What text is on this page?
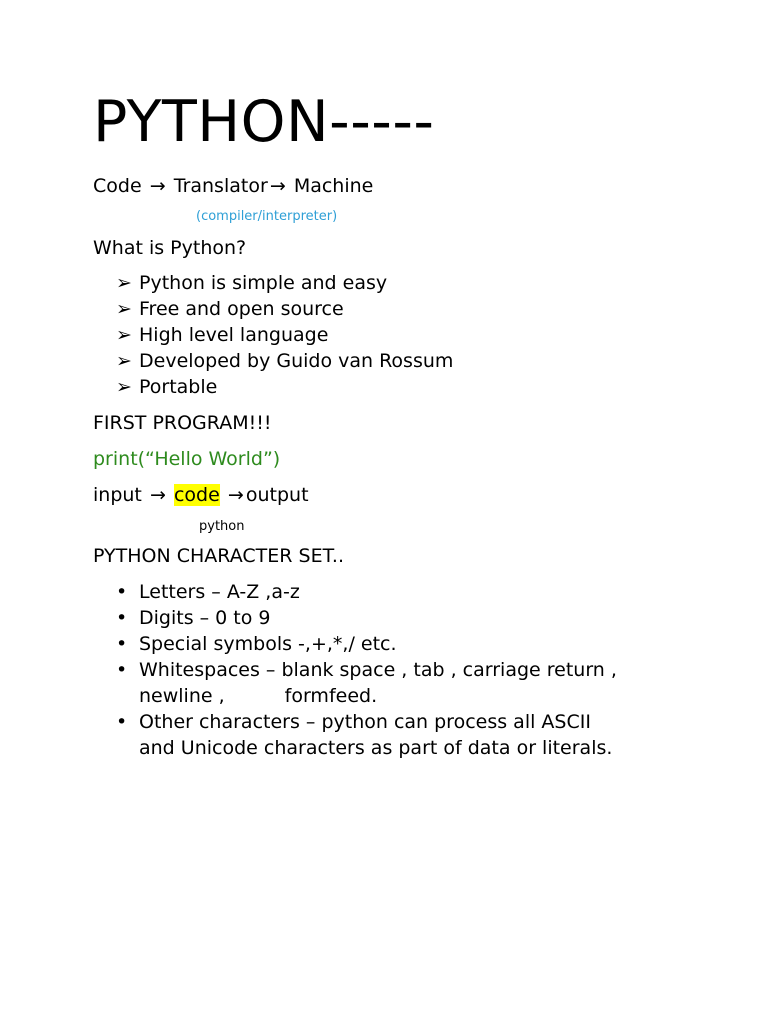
PYTHON-----
Code → Translator → Machine
(compiler/interpreter)
What is Python?
➢ Python is simple and easy
➢ Free and open source
➢ High level language
➢ Developed by Guido van Rossum
➢ Portable
FIRST PROGRAM!!!
print(“Hello World”)
input → code → output
python
PYTHON CHARACTER SET..
• Letters – A-Z ,a-z
• Digits – 0 to 9
• Special symbols -,+,*,/ etc.
• Whitespaces – blank space , tab , carriage return ,
newline ,	formfeed.
• Other characters – python can process all ASCII
and Unicode characters as part of data or literals.
